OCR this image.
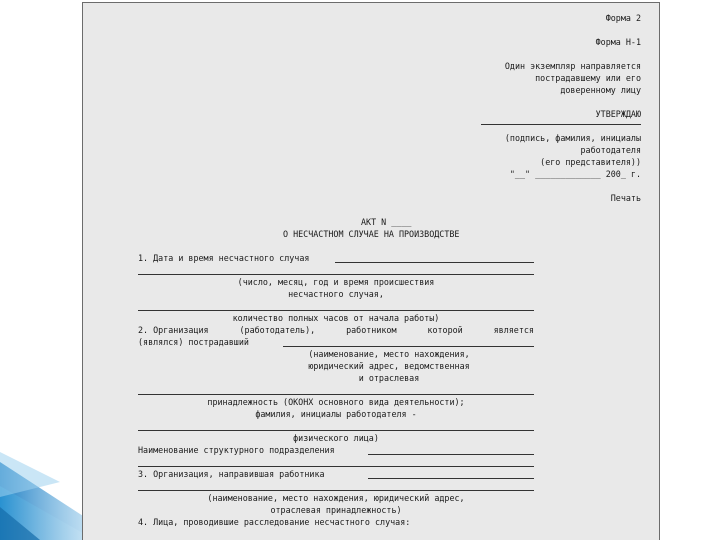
Форма 2
Форма Н-1
Один экземпляр направляется
пострадавшему или его
доверенному лицу
УТВЕРЖДАЮ
(подпись, фамилия, инициалы
работодателя
(его представителя))
"__" _____________ 200_ г.
Печать
АКТ N ____
О НЕСЧАСТНОМ СЛУЧАЕ НА ПРОИЗВОДСТВЕ
1. Дата и время несчастного случая
(число, месяц, год и время происшествия
несчастного случая,
количество полных часов от начала работы)
2. Организация	(работодатель),	работником	которой	является
(являлся) пострадавший
(наименование, место нахождения,
юридический адрес, ведомственная
и отраслевая
принадлежность (ОКОНХ основного вида деятельности);
фамилия, инициалы работодателя -
физического лица)
Наименование структурного подразделения
3. Организация, направившая работника
(наименование, место нахождения, юридический адрес,
отраслевая принадлежность)
4. Лица, проводившие расследование несчастного случая:
